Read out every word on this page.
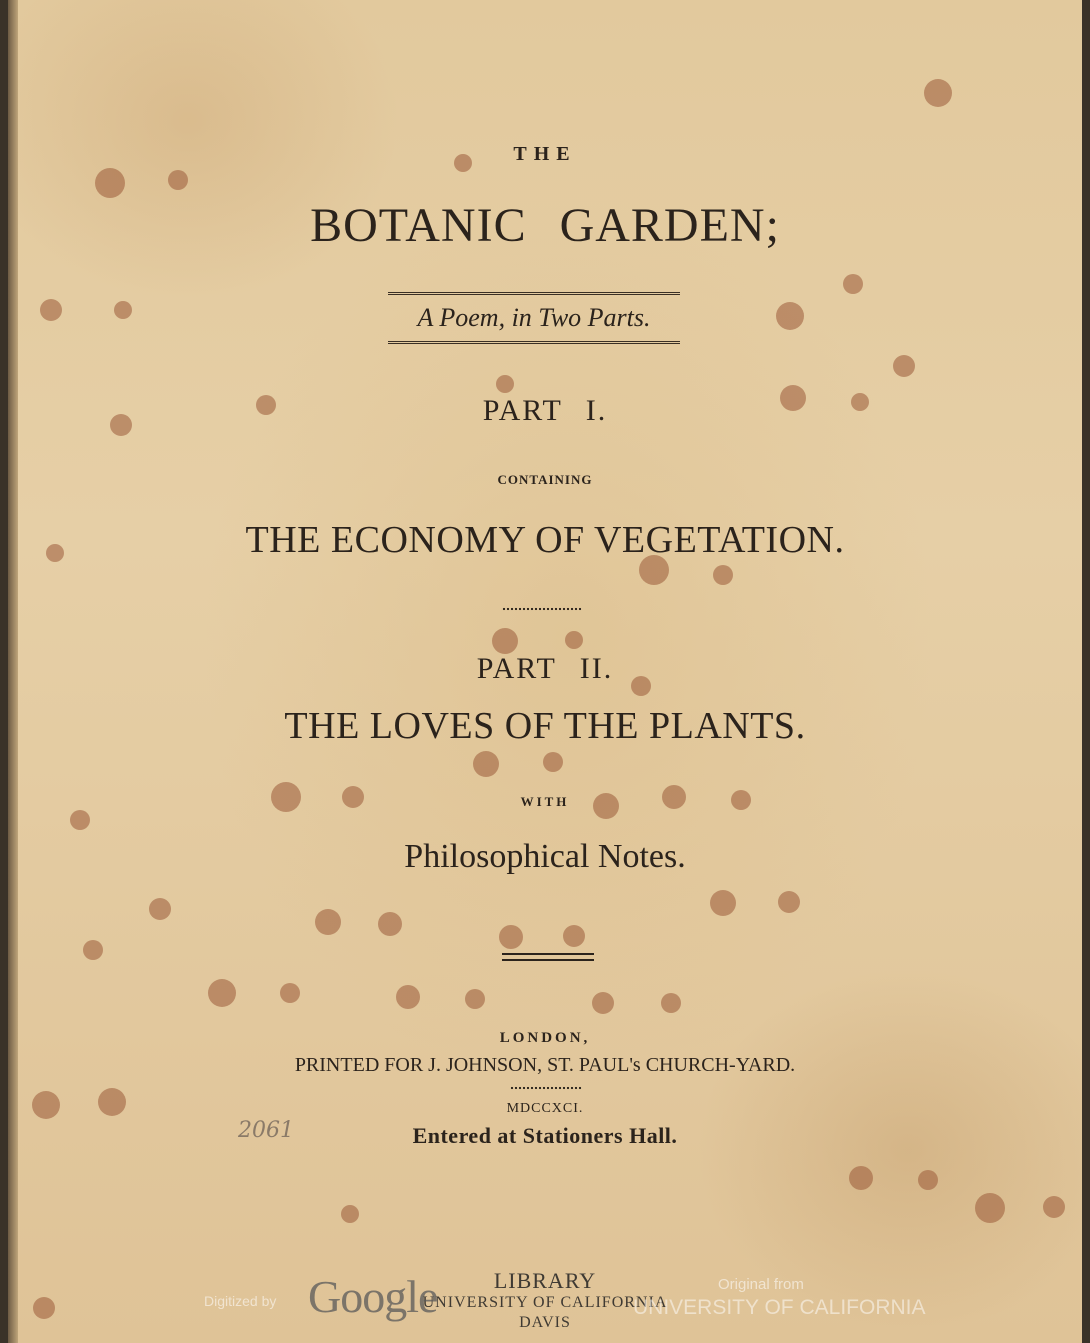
THE
BOTANIC GARDEN;
A Poem, in Two Parts.
PART I.
CONTAINING
THE ECONOMY OF VEGETATION.
PART II.
THE LOVES OF THE PLANTS.
WITH
Philosophical Notes.
LONDON,
PRINTED FOR J. JOHNSON, ST. PAUL's CHURCH-YARD.
MDCCXCI.
Entered at Stationers Hall.
2061
LIBRARY
UNIVERSITY OF CALIFORNIA
DAVIS
Digitized by Google	Original from
UNIVERSITY OF CALIFORNIA
